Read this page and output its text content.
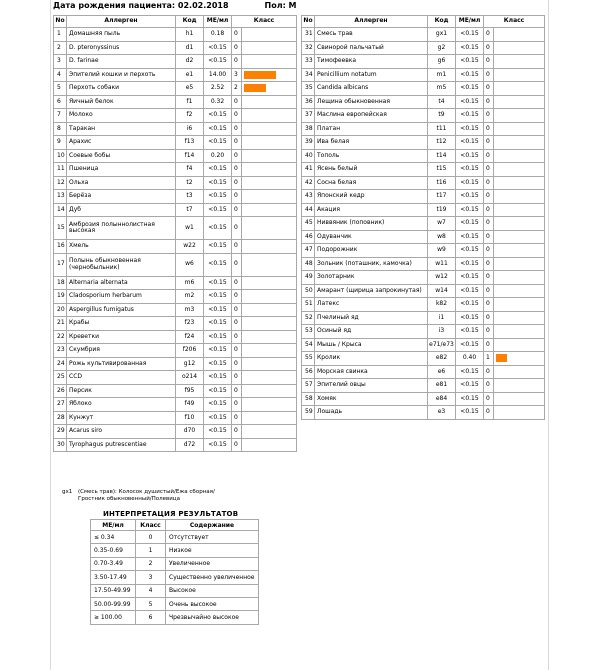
Дата рождения пациента: 02.02.2018	Пол: М
No	Аллерген	Код	МЕ/мл	Класс	
1	Домашняя пыль	h1	0.18	0	
2	D. pteronyssinus	d1	<0.15	0	
3	D. farinae	d2	<0.15	0	
4	Эпителий кошки и перхоть	e1	14.00	3	

5	Перхоть собаки	e5	2.52	2	

6	Яичный белок	f1	0.32	0	
7	Молоко	f2	<0.15	0	
8	Таракан	i6	<0.15	0	
9	Арахис	f13	<0.15	0	
10	Соевые бобы	f14	0.20	0	
11	Пшеница	f4	<0.15	0	
12	Ольха	t2	<0.15	0	
13	Берёза	t3	<0.15	0	
14	Дуб	t7	<0.15	0	
15	Амброзия полыннолистная высокая	w1	<0.15	0	
16	Хмель	w22	<0.15	0	
17	Полынь обыкновенная (чернобыльник)	w6	<0.15	0	
18	Alternaria alternata	m6	<0.15	0	
19	Cladosporium herbarum	m2	<0.15	0	
20	Aspergillus fumigatus	m3	<0.15	0	
21	Крабы	f23	<0.15	0	
22	Креветки	f24	<0.15	0	
23	Скумбрия	f206	<0.15	0	
24	Рожь культивированная	g12	<0.15	0	
25	CCD	o214	<0.15	0	
26	Персик	f95	<0.15	0	
27	Яблоко	f49	<0.15	0	
28	Кунжут	f10	<0.15	0	
29	Acarus siro	d70	<0.15	0	
30	Tyrophagus putrescentiae	d72	<0.15	0	
No	Аллерген	Код	МЕ/мл	Класс	
31	Смесь трав	gx1	<0.15	0	
32	Свинорой пальчатый	g2	<0.15	0	
33	Тимофеевка	g6	<0.15	0	
34	Penicillium notatum	m1	<0.15	0	
35	Candida albicans	m5	<0.15	0	
36	Лещина обыкновенная	t4	<0.15	0	
37	Маслина европейская	t9	<0.15	0	
38	Платан	t11	<0.15	0	
39	Ива белая	t12	<0.15	0	
40	Тополь	t14	<0.15	0	
41	Ясень белый	t15	<0.15	0	
42	Сосна белая	t16	<0.15	0	
43	Японский кедр	t17	<0.15	0	
44	Акация	t19	<0.15	0	
45	Ниввяник (поповник)	w7	<0.15	0	
46	Одуванчик	w8	<0.15	0	
47	Подорожник	w9	<0.15	0	
48	Зольник (поташник, камочка)	w11	<0.15	0	
49	Золотарник	w12	<0.15	0	
50	Амарант (щирица запрокинутая)	w14	<0.15	0	
51	Латекс	k82	<0.15	0	
52	Пчелиный яд	i1	<0.15	0	
53	Осиный яд	i3	<0.15	0	
54	Мышь / Крыса	e71/e73	<0.15	0	
55	Кролик	e82	0.40	1	

56	Морская свинка	e6	<0.15	0	
57	Эпителий овцы	e81	<0.15	0	
58	Хомяк	e84	<0.15	0	
59	Лошадь	e3	<0.15	0	
gx1 (Смесь трав): Колосок душистый/Ежа сборная/Гростник обыкновенный/Полевица
ИНТЕРПРЕТАЦИЯ РЕЗУЛЬТАТОВ
МЕ/мл	Класс	Содержание
≤ 0.34	0	Отсутствует
0.35-0.69	1	Низкое
0.70-3.49	2	Увеличенное
3.50-17.49	3	Существенно увеличенное
17.50-49.99	4	Высокое
50.00-99.99	5	Очень высокое
≥ 100.00	6	Чрезвычайно высокое
